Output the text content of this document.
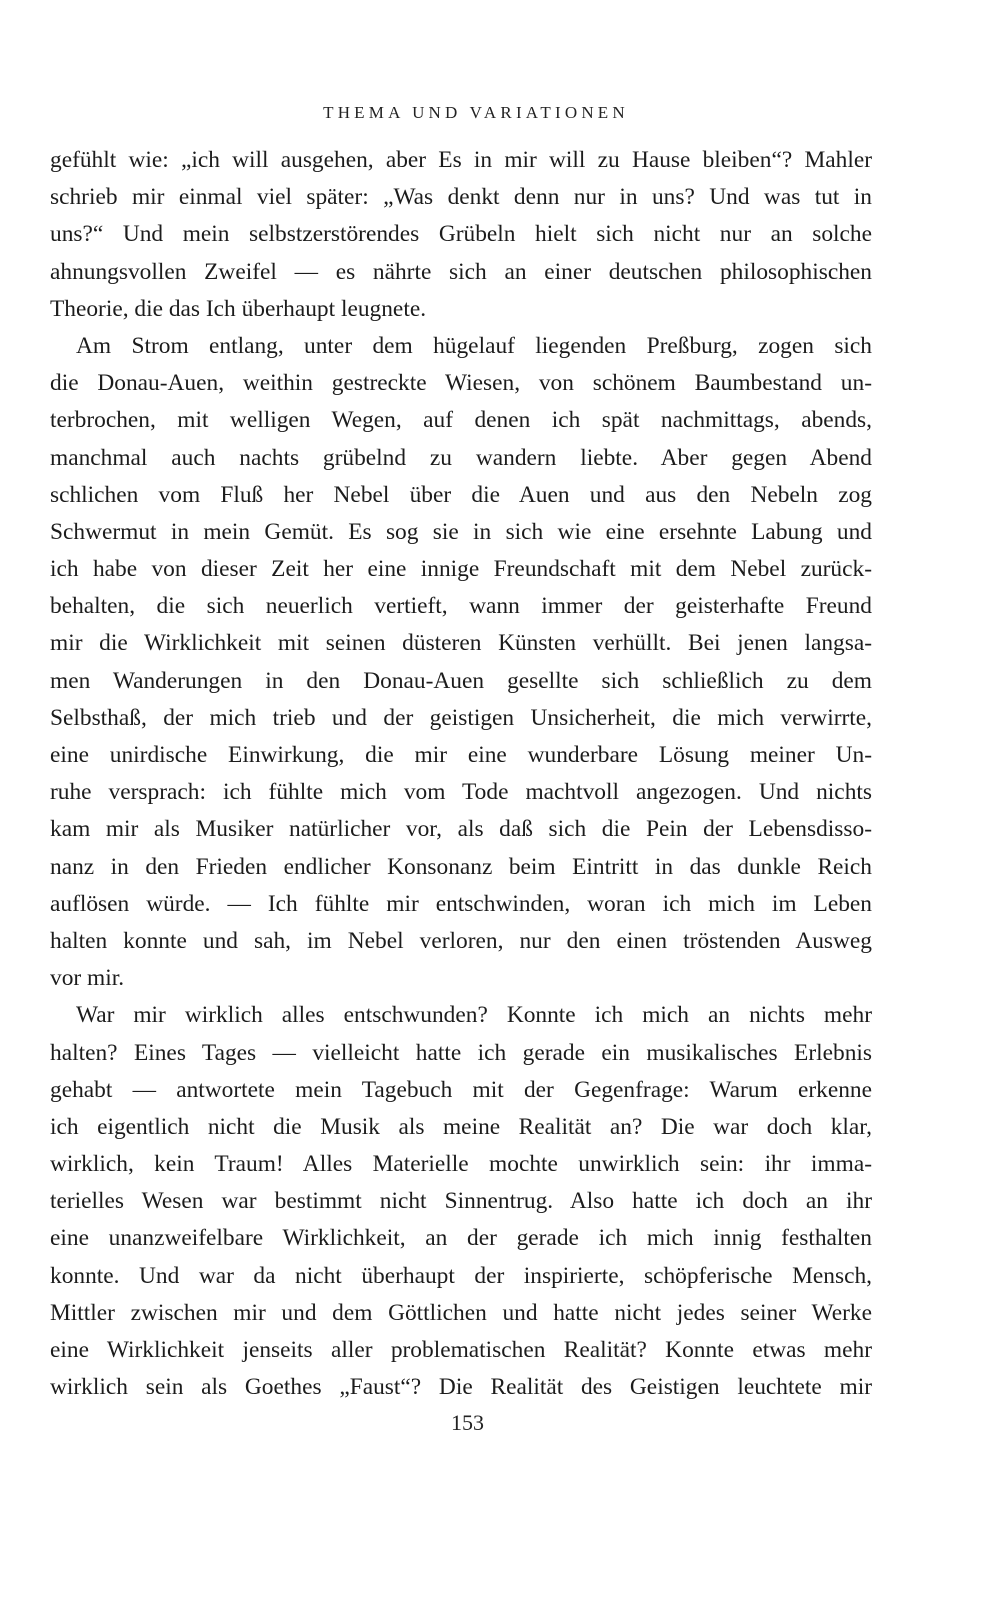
THEMA UND VARIATIONEN
gefühlt wie: „ich will ausgehen, aber Es in mir will zu Hause bleiben“? Mahler
schrieb mir einmal viel später: „Was denkt denn nur in uns? Und was tut in
uns?“ Und mein selbstzerstörendes Grübeln hielt sich nicht nur an solche
ahnungsvollen Zweifel — es nährte sich an einer deutschen philosophischen
Theorie, die das Ich überhaupt leugnete.
Am Strom entlang, unter dem hügelauf liegenden Preßburg, zogen sich
die Donau-Auen, weithin gestreckte Wiesen, von schönem Baumbestand un-
terbrochen, mit welligen Wegen, auf denen ich spät nachmittags, abends,
manchmal auch nachts grübelnd zu wandern liebte. Aber gegen Abend
schlichen vom Fluß her Nebel über die Auen und aus den Nebeln zog
Schwermut in mein Gemüt. Es sog sie in sich wie eine ersehnte Labung und
ich habe von dieser Zeit her eine innige Freundschaft mit dem Nebel zurück-
behalten, die sich neuerlich vertieft, wann immer der geisterhafte Freund
mir die Wirklichkeit mit seinen düsteren Künsten verhüllt. Bei jenen langsa-
men Wanderungen in den Donau-Auen gesellte sich schließlich zu dem
Selbsthaß, der mich trieb und der geistigen Unsicherheit, die mich verwirrte,
eine unirdische Einwirkung, die mir eine wunderbare Lösung meiner Un-
ruhe versprach: ich fühlte mich vom Tode machtvoll angezogen. Und nichts
kam mir als Musiker natürlicher vor, als daß sich die Pein der Lebensdisso-
nanz in den Frieden endlicher Konsonanz beim Eintritt in das dunkle Reich
auflösen würde. — Ich fühlte mir entschwinden, woran ich mich im Leben
halten konnte und sah, im Nebel verloren, nur den einen tröstenden Ausweg
vor mir.
War mir wirklich alles entschwunden? Konnte ich mich an nichts mehr
halten? Eines Tages — vielleicht hatte ich gerade ein musikalisches Erlebnis
gehabt — antwortete mein Tagebuch mit der Gegenfrage: Warum erkenne
ich eigentlich nicht die Musik als meine Realität an? Die war doch klar,
wirklich, kein Traum! Alles Materielle mochte unwirklich sein: ihr imma-
terielles Wesen war bestimmt nicht Sinnentrug. Also hatte ich doch an ihr
eine unanzweifelbare Wirklichkeit, an der gerade ich mich innig festhalten
konnte. Und war da nicht überhaupt der inspirierte, schöpferische Mensch,
Mittler zwischen mir und dem Göttlichen und hatte nicht jedes seiner Werke
eine Wirklichkeit jenseits aller problematischen Realität? Konnte etwas mehr
wirklich sein als Goethes „Faust“? Die Realität des Geistigen leuchtete mir
153
